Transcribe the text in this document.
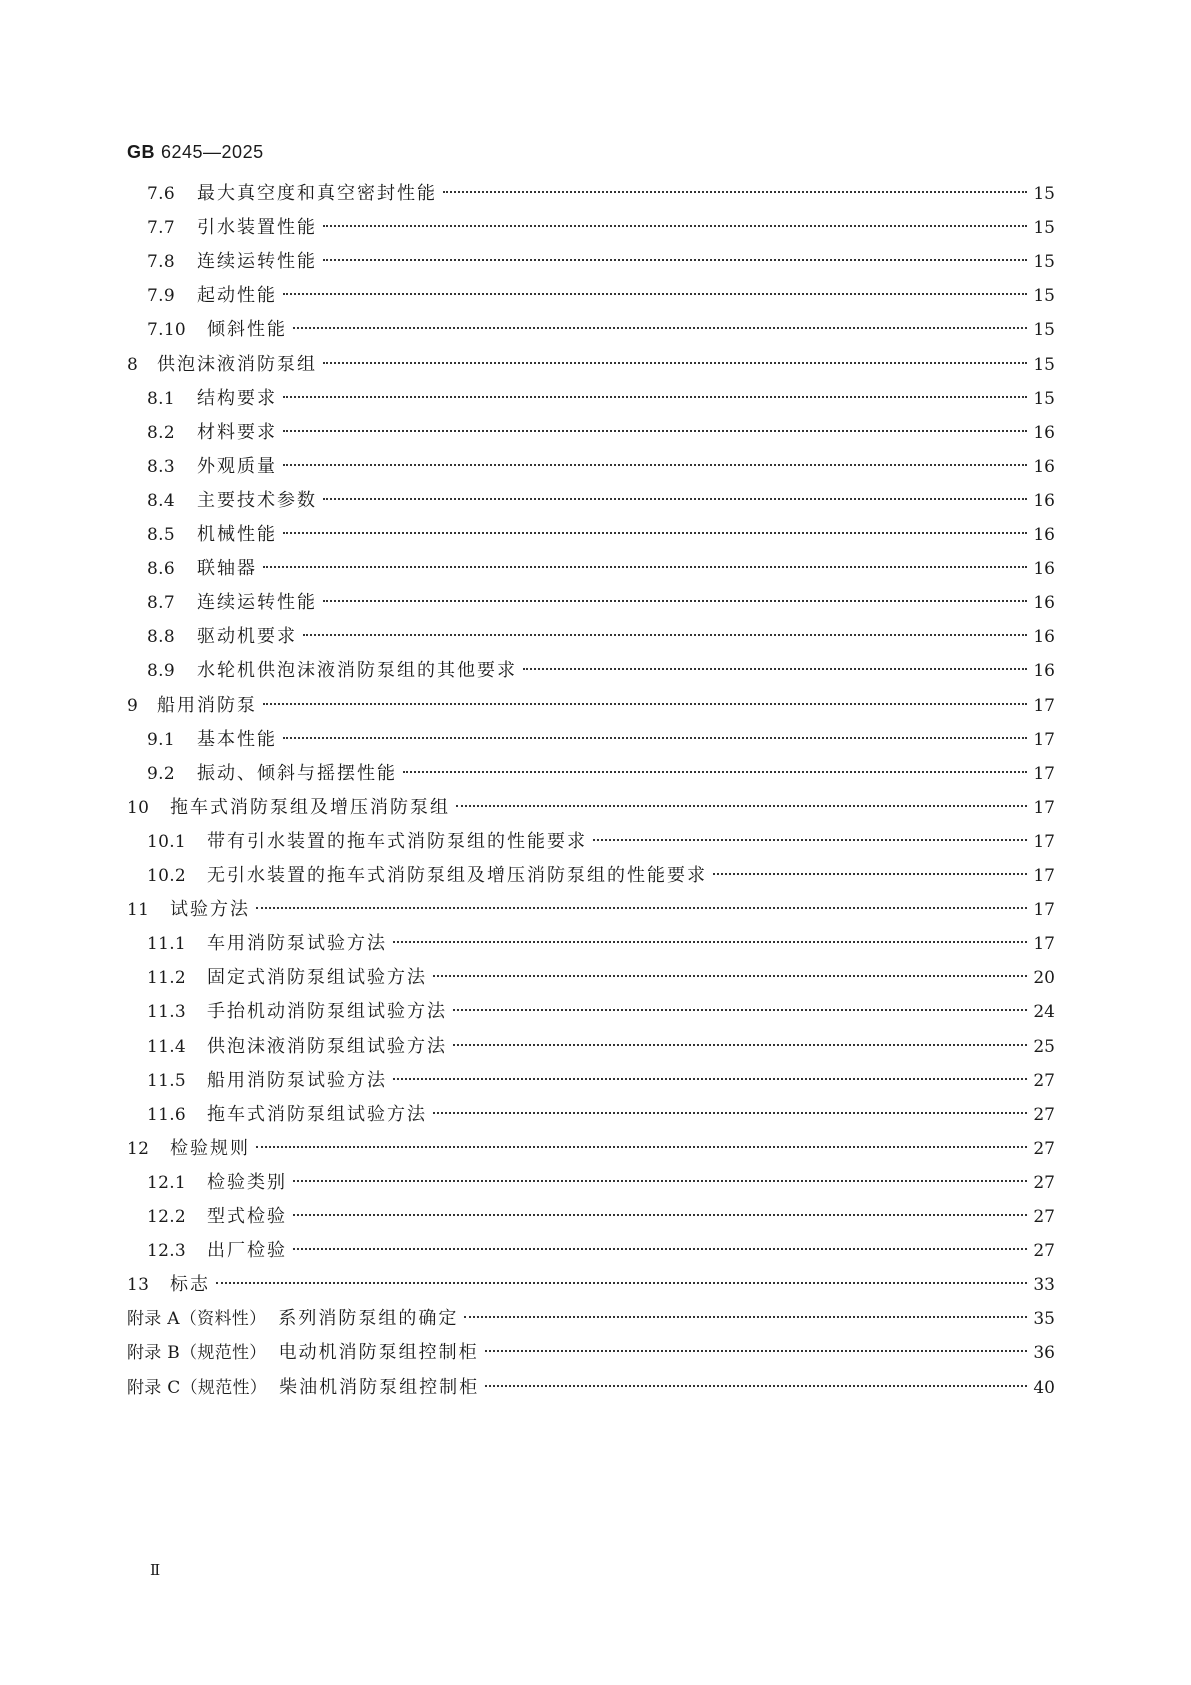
GB 6245—2025
7.6	最大真空度和真空密封性能	15
7.7	引水装置性能	15
7.8	连续运转性能	15
7.9	起动性能	15
7.10	倾斜性能	15
8	供泡沫液消防泵组	15
8.1	结构要求	15
8.2	材料要求	16
8.3	外观质量	16
8.4	主要技术参数	16
8.5	机械性能	16
8.6	联轴器	16
8.7	连续运转性能	16
8.8	驱动机要求	16
8.9	水轮机供泡沫液消防泵组的其他要求	16
9	船用消防泵	17
9.1	基本性能	17
9.2	振动、倾斜与摇摆性能	17
10	拖车式消防泵组及增压消防泵组	17
10.1	带有引水装置的拖车式消防泵组的性能要求	17
10.2	无引水装置的拖车式消防泵组及增压消防泵组的性能要求	17
11	试验方法	17
11.1	车用消防泵试验方法	17
11.2	固定式消防泵组试验方法	20
11.3	手抬机动消防泵组试验方法	24
11.4	供泡沫液消防泵组试验方法	25
11.5	船用消防泵试验方法	27
11.6	拖车式消防泵组试验方法	27
12	检验规则	27
12.1	检验类别	27
12.2	型式检验	27
12.3	出厂检验	27
13	标志	33
附录 A（资料性） 系列消防泵组的确定	35
附录 B（规范性） 电动机消防泵组控制柜	36
附录 C（规范性） 柴油机消防泵组控制柜	40
Ⅱ
